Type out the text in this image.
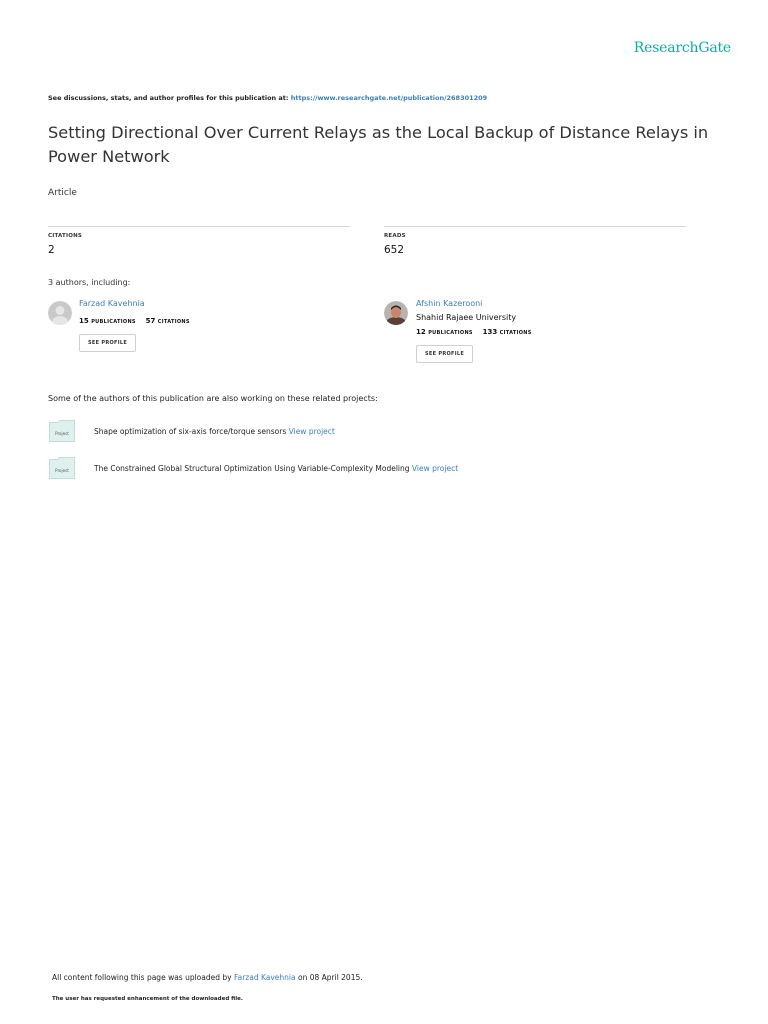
ResearchGate
See discussions, stats, and author profiles for this publication at: https://www.researchgate.net/publication/268301209
Setting Directional Over Current Relays as the Local Backup of Distance Relays in Power Network
Article
CITATIONS
2
READS
652
3 authors, including:
Farzad Kavehnia
15 PUBLICATIONS 57 CITATIONS
SEE PROFILE
Afshin Kazerooni
Shahid Rajaee University
12 PUBLICATIONS 133 CITATIONS
SEE PROFILE
Some of the authors of this publication are also working on these related projects:
Project	Shape optimization of six-axis force/torque sensors View project
Project	The Constrained Global Structural Optimization Using Variable-Complexity Modeling View project
All content following this page was uploaded by Farzad Kavehnia on 08 April 2015.
The user has requested enhancement of the downloaded file.
